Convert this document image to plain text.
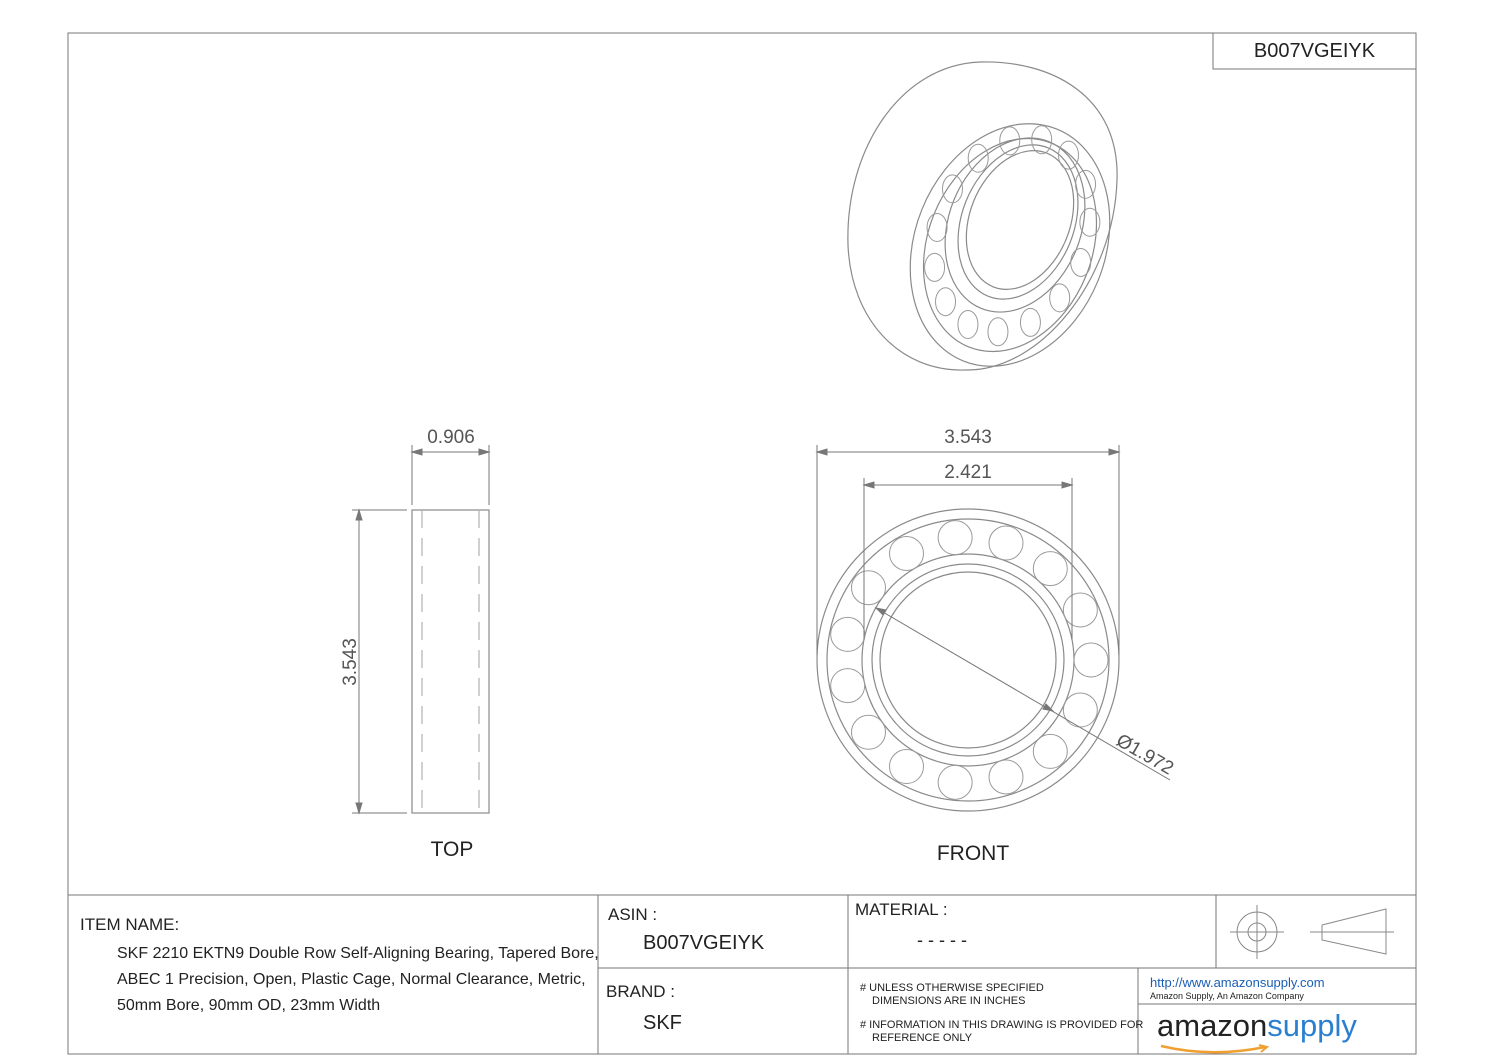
0.906
3.543
3.543
2.421
Ø1.972
TOP	FRONT
B007VGEIYK
ITEM NAME:
SKF 2210 EKTN9 Double Row Self-Aligning Bearing, Tapered Bore,
ABEC 1 Precision, Open, Plastic Cage, Normal Clearance, Metric,
50mm Bore, 90mm OD, 23mm Width
ASIN :
B007VGEIYK
MATERIAL :
- - - - -
BRAND :
SKF
# UNLESS OTHERWISE SPECIFIED
DIMENSIONS ARE IN INCHES
# INFORMATION IN THIS DRAWING IS PROVIDED FOR
REFERENCE ONLY
http://www.amazonsupply.com
Amazon Supply, An Amazon Company
amazonsupply
